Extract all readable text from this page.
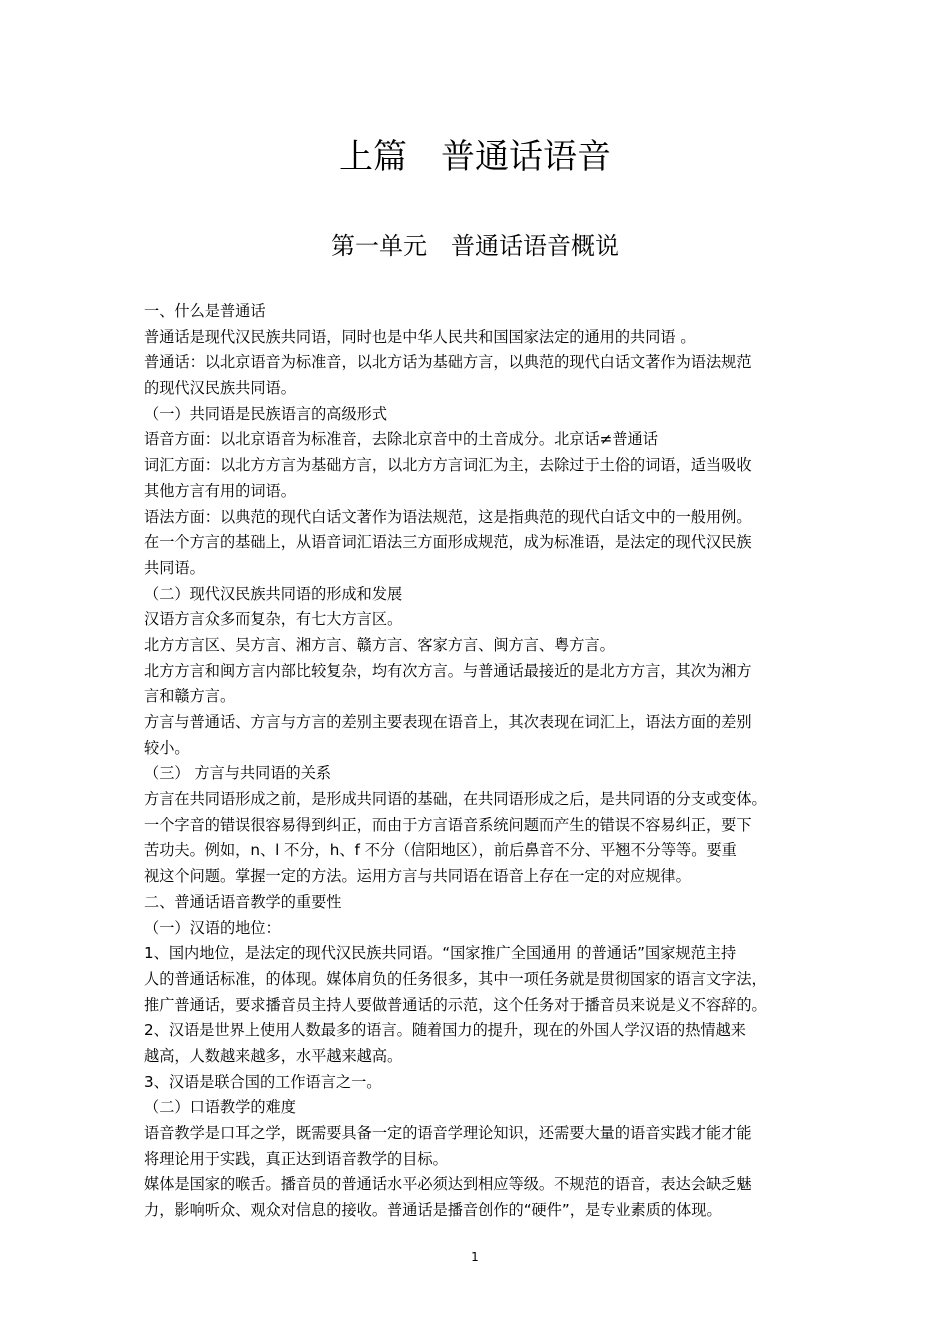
上篇　普通话语音
第一单元　普通话语音概说
一、什么是普通话
普通话是现代汉民族共同语，同时也是中华人民共和国国家法定的通用的共同语 。
普通话：以北京语音为标准音，以北方话为基础方言，以典范的现代白话文著作为语法规范
的现代汉民族共同语。
（一）共同语是民族语言的高级形式
语音方面：以北京语音为标准音，去除北京音中的土音成分。北京话≠普通话
词汇方面：以北方方言为基础方言，以北方方言词汇为主，去除过于土俗的词语，适当吸收
其他方言有用的词语。
语法方面：以典范的现代白话文著作为语法规范，这是指典范的现代白话文中的一般用例。
在一个方言的基础上，从语音词汇语法三方面形成规范，成为标准语，是法定的现代汉民族
共同语。
（二）现代汉民族共同语的形成和发展
汉语方言众多而复杂，有七大方言区。
北方方言区、吴方言、湘方言、赣方言、客家方言、闽方言、粤方言。
北方方言和闽方言内部比较复杂，均有次方言。与普通话最接近的是北方方言，其次为湘方
言和赣方言。
方言与普通话、方言与方言的差别主要表现在语音上，其次表现在词汇上，语法方面的差别
较小。
（三） 方言与共同语的关系
方言在共同语形成之前，是形成共同语的基础，在共同语形成之后，是共同语的分支或变体。
一个字音的错误很容易得到纠正，而由于方言语音系统问题而产生的错误不容易纠正，要下
苦功夫。例如，n、l 不分，h、f 不分（信阳地区），前后鼻音不分、平翘不分等等。要重
视这个问题。掌握一定的方法。运用方言与共同语在语音上存在一定的对应规律。
二、普通话语音教学的重要性
（一）汉语的地位：
1、国内地位，是法定的现代汉民族共同语。“国家推广全国通用 的普通话”国家规范主持
人的普通话标准，的体现。媒体肩负的任务很多，其中一项任务就是贯彻国家的语言文字法，
推广普通话，要求播音员主持人要做普通话的示范，这个任务对于播音员来说是义不容辞的。
2、汉语是世界上使用人数最多的语言。随着国力的提升，现在的外国人学汉语的热情越来
越高，人数越来越多，水平越来越高。
3、汉语是联合国的工作语言之一。
（二）口语教学的难度
语音教学是口耳之学，既需要具备一定的语音学理论知识，还需要大量的语音实践才能才能
将理论用于实践，真正达到语音教学的目标。
媒体是国家的喉舌。播音员的普通话水平必须达到相应等级。不规范的语音，表达会缺乏魅
力，影响听众、观众对信息的接收。普通话是播音创作的“硬件”，是专业素质的体现。
1
